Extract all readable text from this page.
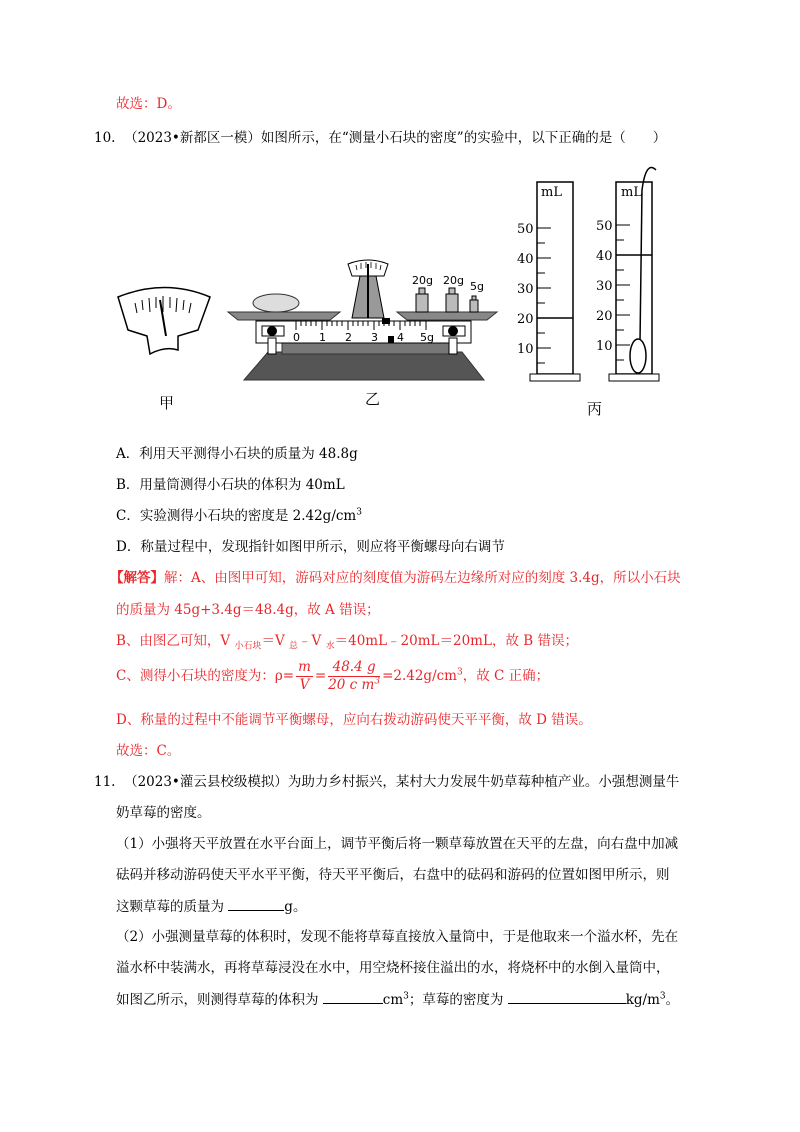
故选：D。
10. （2023•新都区一模）如图所示，在“测量小石块的密度”的实验中，以下正确的是（　　）
0 1 2 3 4 5g
20g 20g 5g
mL
50
40
30
20
10
mL
50
40
30
20
10
甲	乙
丙
A．利用天平测得小石块的质量为 48.8g
B．用量筒测得小石块的体积为 40mL
C．实验测得小石块的密度是 $2.42g/cm^3$
D．称量过程中，发现指针如图甲所示，则应将平衡螺母向右调节
【解答】解：A、由图甲可知，游码对应的刻度值为游码左边缘所对应的刻度 3.4g，所以小石块
的质量为 45g+3.4g＝48.4g，故 A 错误；
B、由图乙可知，V $_{小石块}$＝V $_总$﹣V $_水$＝40mL﹣20mL＝20mL，故 B 错误；
C、测得小石块的密度为：$\rho= \frac{m}{V} = \frac{48.4 g}{20 c m^3} =2.42g/cm^3$，故 C 正确；
D、称量的过程中不能调节平衡螺母，应向右拨动游码使天平平衡，故 D 错误。
故选：C。
11. （2023•灌云县校级模拟）为助力乡村振兴，某村大力发展牛奶草莓种植产业。小强想测量牛
奶草莓的密度。
（1）小强将天平放置在水平台面上，调节平衡后将一颗草莓放置在天平的左盘，向右盘中加减
砝码并移动游码使天平水平平衡，待天平平衡后，右盘中的砝码和游码的位置如图甲所示，则
这颗草莓的质量为	g。
（2）小强测量草莓的体积时，发现不能将草莓直接放入量筒中，于是他取来一个溢水杯，先在
溢水杯中装满水，再将草莓浸没在水中，用空烧杯接住溢出的水，将烧杯中的水倒入量筒中，
如图乙所示，则测得草莓的体积为	$cm^3$；草莓的密度为	$kg/m^3$。
